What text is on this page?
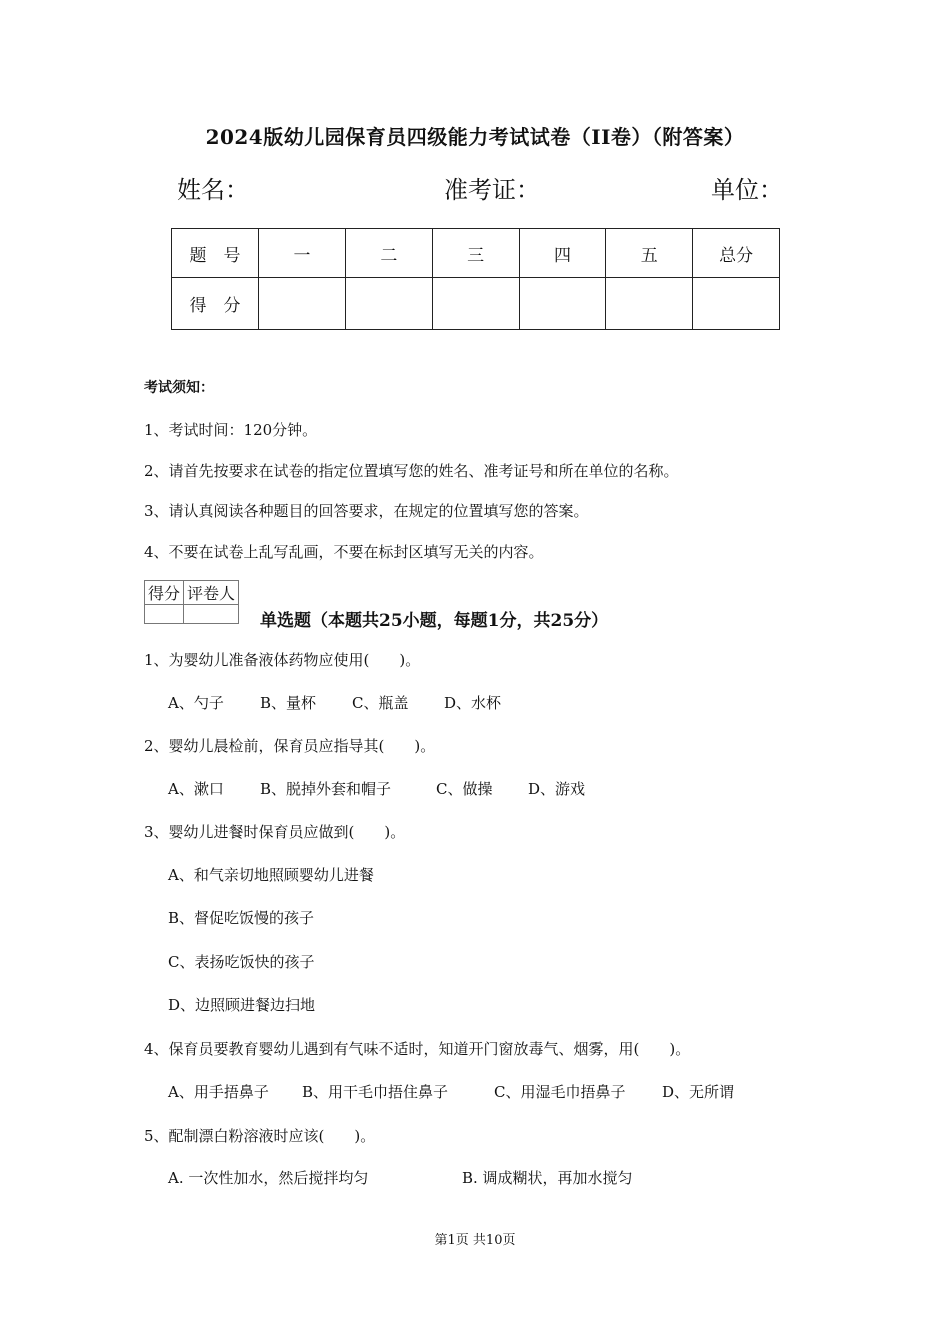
2024版幼儿园保育员四级能力考试试卷（II卷）（附答案）
姓名：	准考证：	单位：
题　号	一	二	三	四	五	总分
得　分						
考试须知：
1、考试时间：120分钟。
2、请首先按要求在试卷的指定位置填写您的姓名、准考证号和所在单位的名称。
3、请认真阅读各种题目的回答要求，在规定的位置填写您的答案。
4、不要在试卷上乱写乱画，不要在标封区填写无关的内容。
得分	评卷人

单选题（本题共25小题，每题1分，共25分）
1、为婴幼儿准备液体药物应使用(　　)。
A、勺子 B、量杯 C、瓶盖 D、水杯
2、婴幼儿晨检前，保育员应指导其(　　)。
A、漱口 B、脱掉外套和帽子	C、做操 D、游戏
3、婴幼儿进餐时保育员应做到(　　)。
A、和气亲切地照顾婴幼儿进餐
B、督促吃饭慢的孩子
C、表扬吃饭快的孩子
D、边照顾进餐边扫地
4、保育员要教育婴幼儿遇到有气味不适时，知道开门窗放毒气、烟雾，用(　　)。
A、用手捂鼻子 B、用干毛巾捂住鼻子	C、用湿毛巾捂鼻子 D、无所谓
5、配制漂白粉溶液时应该(　　)。
A. 一次性加水，然后搅拌均匀	B. 调成糊状，再加水搅匀
第1页 共10页
